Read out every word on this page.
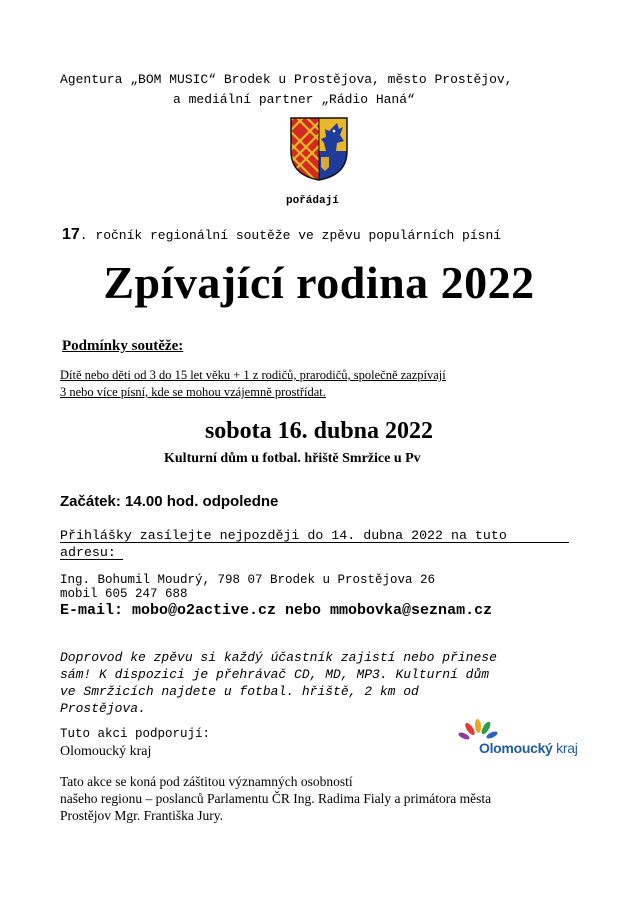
Agentura „BOM MUSIC“ Brodek u Prostějova, město Prostějov,
a mediální partner „Rádio Haná“
pořádají
17. ročník regionální soutěže ve zpěvu populárních písní
Zpívající rodina 2022
Podmínky soutěže:
Dítě nebo děti od 3 do 15 let věku + 1 z rodičů, prarodičů, společně zazpívají
3 nebo více písní, kde se mohou vzájemně prostřídat.
sobota 16. dubna 2022
Kulturní dům u fotbal. hřiště Smržice u Pv
Začátek: 14.00 hod. odpoledne
Přihlášky zasílejte nejpozději do 14. dubna 2022 na tuto
adresu:
Ing. Bohumil Moudrý, 798 07 Brodek u Prostějova 26
mobil 605 247 688
E-mail: mobo@o2active.cz nebo mmobovka@seznam.cz
Doprovod ke zpěvu si každý účastník zajistí nebo přinese
sám! K dispozici je přehrávač CD, MD, MP3. Kulturní dům
ve Smržicích najdete u fotbal. hřiště, 2 km od
Prostějova.
Tuto akci podporují:
Olomoucký kraj	Olomoucký kraj
Tato akce se koná pod záštitou významných osobností
našeho regionu – poslanců Parlamentu ČR Ing. Radima Fialy a primátora města
Prostějov Mgr. Františka Jury.
